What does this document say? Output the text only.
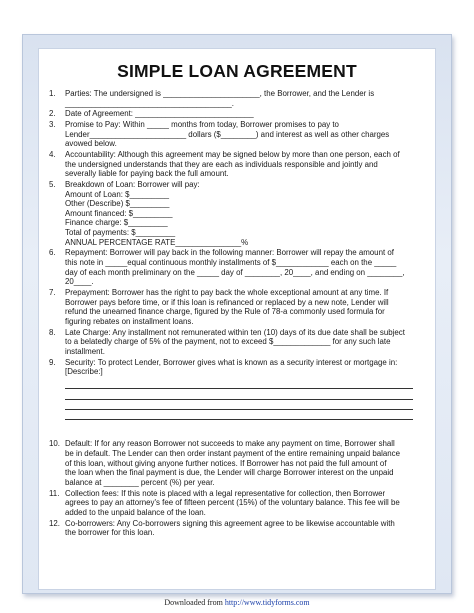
SIMPLE LOAN AGREEMENT
1.	Parties: The undersigned is ______________________, the Borrower, and the Lender is
______________________________________.
2.	Date of Agreement: ___________________________
3.	Promise to Pay: Within _____ months from today, Borrower promises to pay to
Lender______________________ dollars ($________) and interest as well as other charges
avowed below.
4.	Accountability: Although this agreement may be signed below by more than one person, each of
the undersigned understands that they are each as individuals responsible and jointly and
severally liable for paying back the full amount.
5.	Breakdown of Loan: Borrower will pay:
Amount of Loan: $_________
Other (Describe) $_________
Amount financed: $_________
Finance charge: $_________
Total of payments: $_________
ANNUAL PERCENTAGE RATE_______________%
6.	Repayment: Borrower will pay back in the following manner: Borrower will repay the amount of
this note in _____equal continuous monthly installments of $____________ each on the _____
day of each month preliminary on the _____ day of ________, 20____, and ending on ________,
20____.
7.	Prepayment: Borrower has the right to pay back the whole exceptional amount at any time. If
Borrower pays before time, or if this loan is refinanced or replaced by a new note, Lender will
refund the unearned finance charge, figured by the Rule of 78-a commonly used formula for
figuring rebates on installment loans.
8.	Late Charge: Any installment not remunerated within ten (10) days of its due date shall be subject
to a belatedly charge of 5% of the payment, not to exceed $_____________ for any such late
installment.
9.	Security: To protect Lender, Borrower gives what is known as a security interest or mortgage in:
[Describe:]
10. Default: If for any reason Borrower not succeeds to make any payment on time, Borrower shall
be in default. The Lender can then order instant payment of the entire remaining unpaid balance
of this loan, without giving anyone further notices. If Borrower has not paid the full amount of
the loan when the final payment is due, the Lender will charge Borrower interest on the unpaid
balance at ________ percent (%) per year.
11. Collection fees: If this note is placed with a legal representative for collection, then Borrower
agrees to pay an attorney's fee of fifteen percent (15%) of the voluntary balance. This fee will be
added to the unpaid balance of the loan.
12. Co-borrowers: Any Co-borrowers signing this agreement agree to be likewise accountable with
the borrower for this loan.
Downloaded from http://www.tidyforms.com
